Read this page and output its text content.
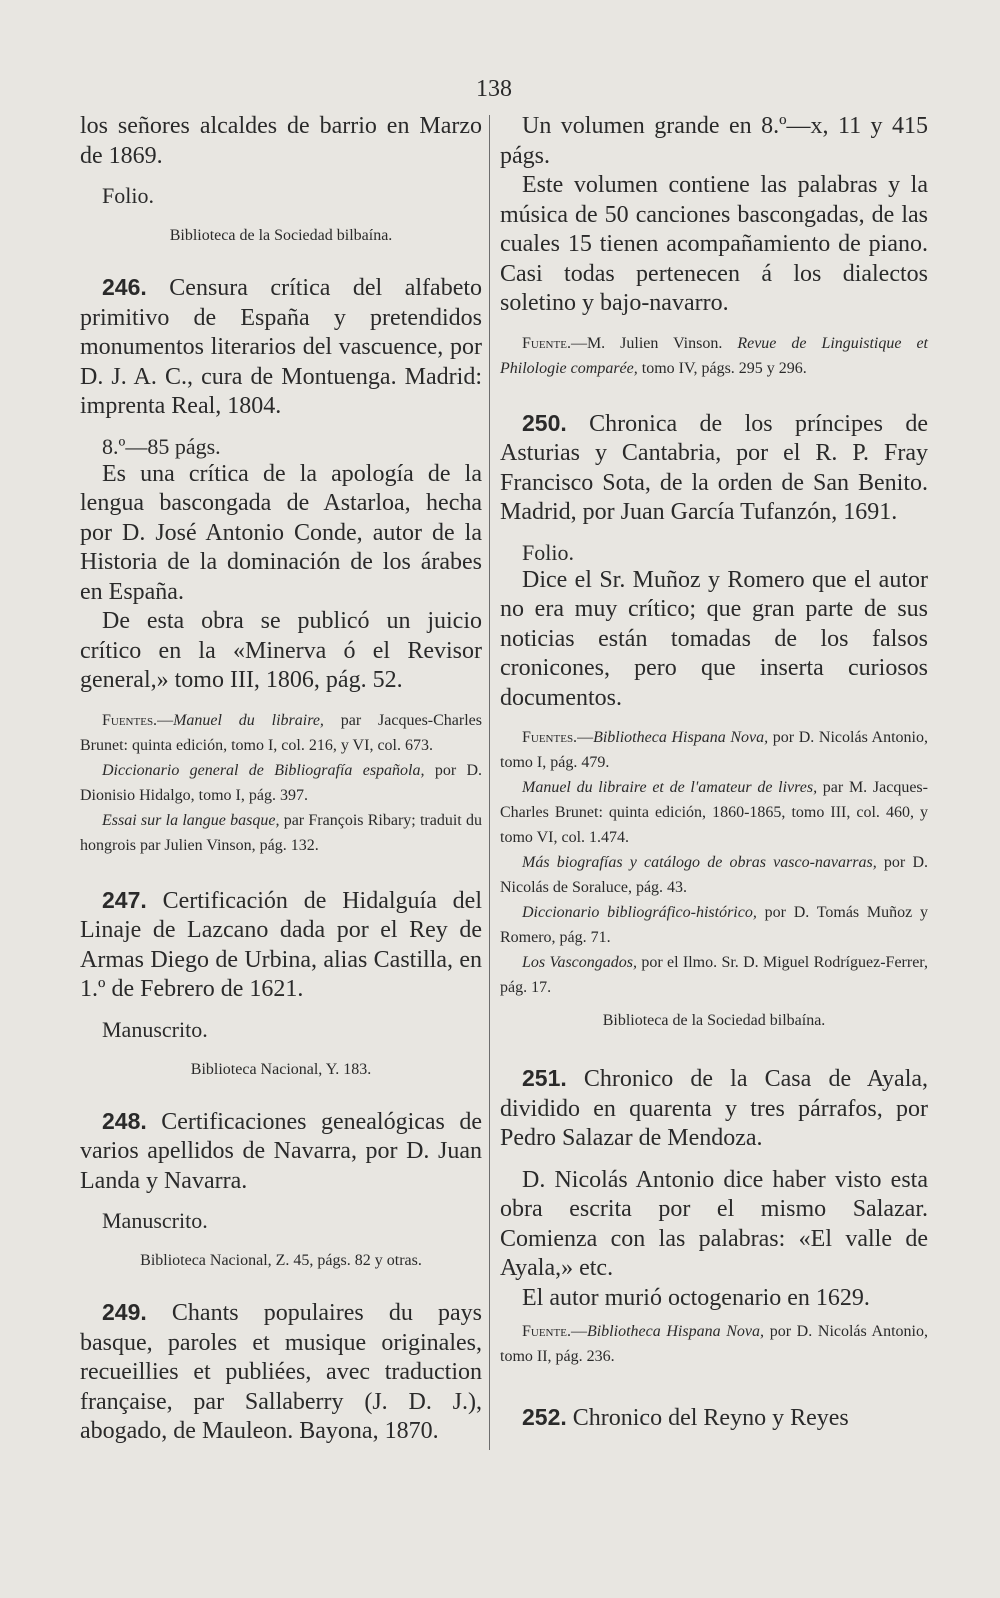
138

los señores alcaldes de barrio en Marzo de 1869.

Folio.

Biblioteca de la Sociedad bilbaína.

246. Censura crítica del alfabeto primitivo de España y pretendidos monumentos literarios del vascuence, por D. J. A. C., cura de Montuenga. Madrid: imprenta Real, 1804.

8.º—85 págs.

Es una crítica de la apología de la lengua bascongada de Astarloa, hecha por D. José Antonio Conde, autor de la Historia de la dominación de los árabes en España.

De esta obra se publicó un juicio crítico en la «Minerva ó el Revisor general,» tomo III, 1806, pág. 52.

Fuentes.—Manuel du libraire, par Jacques-Charles Brunet: quinta edición, tomo I, col. 216, y VI, col. 673.

Diccionario general de Bibliografía española, por D. Dionisio Hidalgo, tomo I, pág. 397.

Essai sur la langue basque, par François Ribary; traduit du hongrois par Julien Vinson, pág. 132.

247. Certificación de Hidalguía del Linaje de Lazcano dada por el Rey de Armas Diego de Urbina, alias Castilla, en 1.º de Febrero de 1621.

Manuscrito.

Biblioteca Nacional, Y. 183.

248. Certificaciones genealógicas de varios apellidos de Navarra, por D. Juan Landa y Navarra.

Manuscrito.

Biblioteca Nacional, Z. 45, págs. 82 y otras.

249. Chants populaires du pays basque, paroles et musique originales, recueillies et publiées, avec traduction française, par Sallaberry (J. D. J.), abogado, de Mauleon. Bayona, 1870.

Un volumen grande en 8.º—x, 11 y 415 págs.

Este volumen contiene las palabras y la música de 50 canciones bascongadas, de las cuales 15 tienen acompañamiento de piano. Casi todas pertenecen á los dialectos soletino y bajo-navarro.

Fuente.—M. Julien Vinson. Revue de Linguistique et Philologie comparée, tomo IV, págs. 295 y 296.

250. Chronica de los príncipes de Asturias y Cantabria, por el R. P. Fray Francisco Sota, de la orden de San Benito. Madrid, por Juan García Tufanzón, 1691.

Folio.

Dice el Sr. Muñoz y Romero que el autor no era muy crítico; que gran parte de sus noticias están tomadas de los falsos cronicones, pero que inserta curiosos documentos.

Fuentes.—Bibliotheca Hispana Nova, por D. Nicolás Antonio, tomo I, pág. 479.

Manuel du libraire et de l'amateur de livres, par M. Jacques-Charles Brunet: quinta edición, 1860-1865, tomo III, col. 460, y tomo VI, col. 1.474.

Más biografías y catálogo de obras vasco-navarras, por D. Nicolás de Soraluce, pág. 43.

Diccionario bibliográfico-histórico, por D. Tomás Muñoz y Romero, pág. 71.

Los Vascongados, por el Ilmo. Sr. D. Miguel Rodríguez-Ferrer, pág. 17.

Biblioteca de la Sociedad bilbaína.

251. Chronico de la Casa de Ayala, dividido en quarenta y tres párrafos, por Pedro Salazar de Mendoza.

D. Nicolás Antonio dice haber visto esta obra escrita por el mismo Salazar. Comienza con las palabras: «El valle de Ayala,» etc.

El autor murió octogenario en 1629.

Fuente.—Bibliotheca Hispana Nova, por D. Nicolás Antonio, tomo II, pág. 236.

252. Chronico del Reyno y Reyes
